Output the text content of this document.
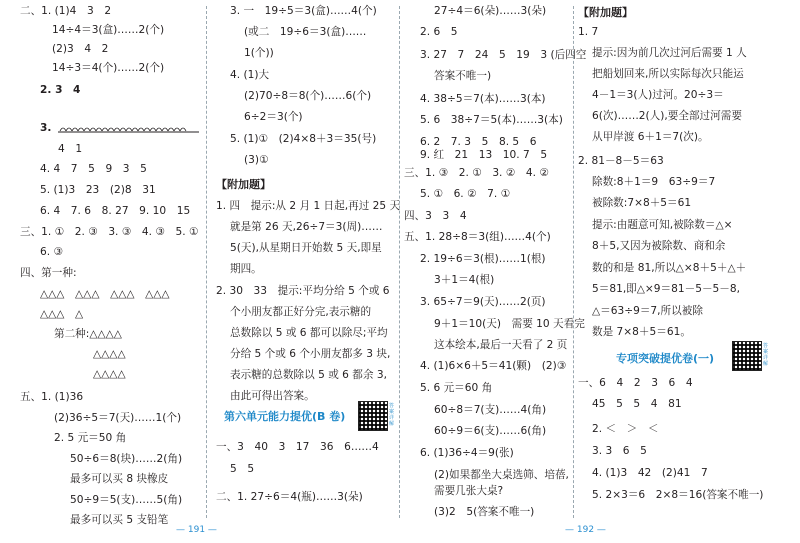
二、1. (1)4　3　2
14÷4＝3(盒)……2(个)
(2)3　4　2
14÷3＝4(个)……2(个)
2. 3　4
3.
4　1
4. 4　7　5　9　3　5
5. (1)3　23　(2)8　31
6. 4　7. 6　8. 27　9. 10　15
三、1. ①　2. ③　3. ③　4. ③　5. ①
6. ③
四、第一种:
△△△　△△△　△△△　△△△
△△△　△
第二种:△△△△
△△△△
△△△△
五、1. (1)36
(2)36÷5＝7(天)……1(个)
2. 5 元＝50 角
50÷6＝8(块)……2(角)
最多可以买 8 块橡皮
50÷9＝5(支)……5(角)
最多可以买 5 支铅笔
3. 一　19÷5＝3(盒)……4(个)
(或二　19÷6＝3(盒)……
1(个))
4. (1)大
(2)70÷8＝8(个)……6(个)
6÷2＝3(个)
5. (1)①　(2)4×8＋3＝35(号)
(3)①
【附加题】
1. 四　提示:从 2 月 1 日起,再过 25 天
就是第 26 天,26÷7＝3(周)……
5(天),从星期日开始数 5 天,即星
期四。
2. 30　33　提示:平均分给 5 个或 6
个小朋友都正好分完,表示糖的
总数除以 5 或 6 都可以除尽;平均
分给 5 个或 6 个小朋友都多 3 块,
表示糖的总数除以 5 或 6 都余 3,
由此可得出答案。
第六单元能力提优(B 卷)
答案详解
一、3　40　3　17　36　6……4
5　5
二、1. 27÷6＝4(瓶)……3(朵)
27÷4＝6(朵)……3(朵)
2. 6　5
3. 27　7　24　5　19　3 (后四空
答案不唯一)
4. 38÷5＝7(本)……3(本)
5. 6　38÷7＝5(本)……3(本)
6. 2　7. 3　5　8. 5　6
9. 红　21　13　10. 7　5
三、1. ③　2. ①　3. ②　4. ②
5. ①　6. ②　7. ①
四、3　3　4
五、1. 28÷8＝3(组)……4(个)
2. 19÷6＝3(根)……1(根)
3＋1＝4(根)
3. 65÷7＝9(天)……2(页)
9＋1＝10(天)　需要 10 天看完
这本绘本,最后一天看了 2 页
4. (1)6×6＋5＝41(颗)　(2)③
5. 6 元＝60 角
60÷8＝7(支)……4(角)
60÷9＝6(支)……6(角)
6. (1)36÷4＝9(张)
(2)如果都坐大桌选筛、培蓓,
需要几张大桌?
(3)2　5(答案不唯一)
【附加题】
1. 7
提示:因为前几次过河后需要 1 人
把船划回来,所以实际每次只能运
4－1＝3(人)过河。20÷3＝
6(次)……2(人),要全部过河需要
从甲岸渡 6＋1＝7(次)。
2. 81－8－5＝63
除数:8＋1＝9　63÷9＝7
被除数:7×8＋5＝61
提示:由题意可知,被除数＝△×
8＋5,又因为被除数、商和余
数的和是 81,所以△×8＋5＋△＋
5＝81,即△×9＝81－5－5－8,
△＝63÷9＝7,所以被除
数是 7×8＋5＝61。
专项突破提优卷(一)
答案详解
一、6　4　2　3　6　4
45　5　5　4　81
2. ＜　＞　＜
3. 3　6　5
4. (1)3　42　(2)41　7
5. 2×3＝6　2×8＝16(答案不唯一)
— 191 —	— 192 —
